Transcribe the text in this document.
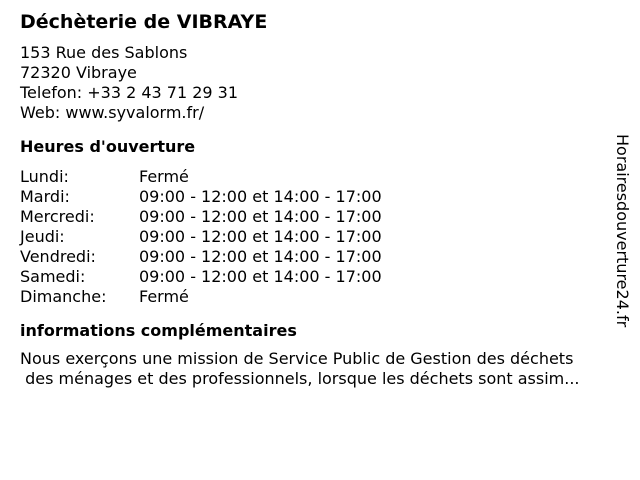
Déchèterie de VIBRAYE
153 Rue des Sablons
72320 Vibraye
Telefon: +33 2 43 71 29 31
Web: www.syvalorm.fr/
Heures d'ouverture
Lundi:	Fermé
Mardi:	09:00 - 12:00 et 14:00 - 17:00
Mercredi:	09:00 - 12:00 et 14:00 - 17:00
Jeudi:	09:00 - 12:00 et 14:00 - 17:00
Vendredi:	09:00 - 12:00 et 14:00 - 17:00
Samedi:	09:00 - 12:00 et 14:00 - 17:00
Dimanche: Fermé
informations complémentaires
Nous exerçons une mission de Service Public de Gestion des déchets
des ménages et des professionnels, lorsque les déchets sont assim...
Horairesdouverture24.fr
